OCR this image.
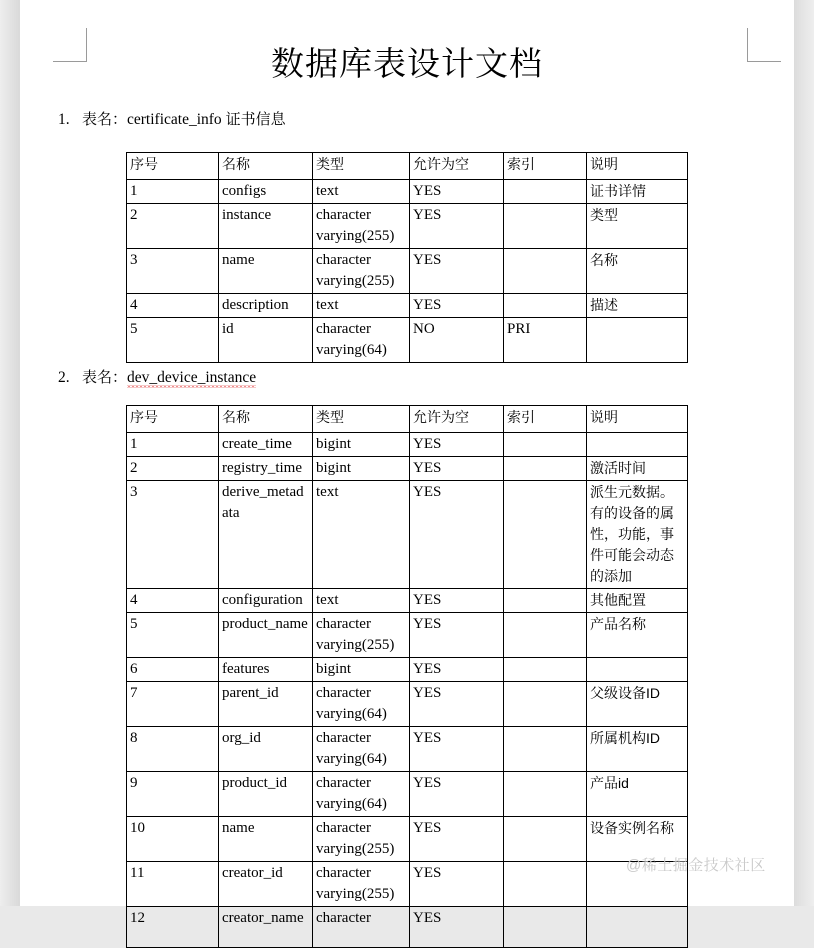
数据库表设计文档
1. 表名：certificate_info 证书信息
序号	名称	类型	允许为空	索引	说明
1	configs	text	YES		证书详情
2	instance	character varying(255)	YES		类型
3	name	character varying(255)	YES		名称
4	description	text	YES		描述
5	id	character varying(64)	NO	PRI	
2. 表名：dev_device_instance
序号	名称	类型	允许为空	索引	说明
1	create_time	bigint	YES		
2	registry_time	bigint	YES		激活时间
3	derive_metadata	text	YES		派生元数据。有的设备的属性，功能，事件可能会动态的添加
4	configuration	text	YES		其他配置
5	product_name	character varying(255)	YES		产品名称
6	features	bigint	YES		
7	parent_id	character varying(64)	YES		父级设备ID
8	org_id	character varying(64)	YES		所属机构ID
9	product_id	character varying(64)	YES		产品id
10	name	character varying(255)	YES		设备实例名称
11	creator_id	character varying(255)	YES		
12	creator_name	character	YES		
@稀土掘金技术社区
